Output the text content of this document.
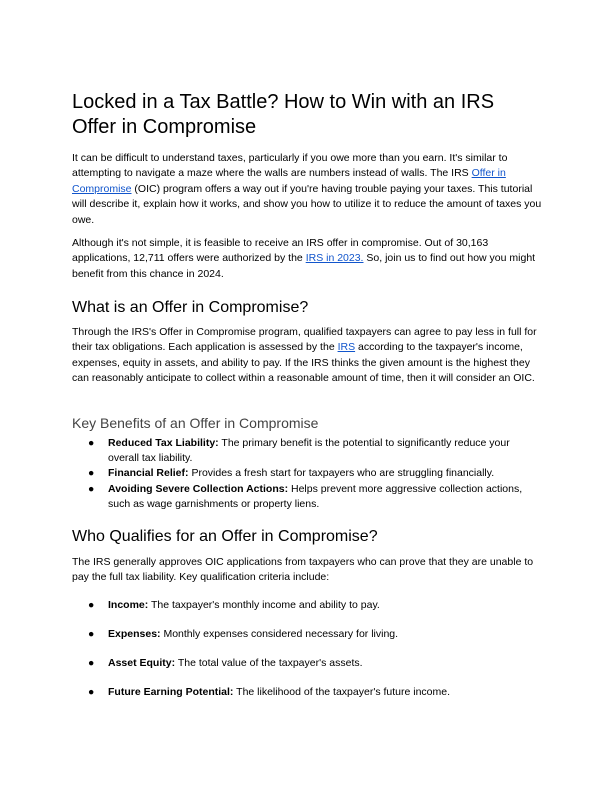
Locked in a Tax Battle? How to Win with an IRS Offer in Compromise

It can be difficult to understand taxes, particularly if you owe more than you earn. It's similar to attempting to navigate a maze where the walls are numbers instead of walls. The IRS Offer in Compromise (OIC) program offers a way out if you're having trouble paying your taxes. This tutorial will describe it, explain how it works, and show you how to utilize it to reduce the amount of taxes you owe.

Although it's not simple, it is feasible to receive an IRS offer in compromise. Out of 30,163 applications, 12,711 offers were authorized by the IRS in 2023. So, join us to find out how you might benefit from this chance in 2024.

What is an Offer in Compromise?

Through the IRS's Offer in Compromise program, qualified taxpayers can agree to pay less in full for their tax obligations. Each application is assessed by the IRS according to the taxpayer's income, expenses, equity in assets, and ability to pay. If the IRS thinks the given amount is the highest they can reasonably anticipate to collect within a reasonable amount of time, then it will consider an OIC.

Key Benefits of an Offer in Compromise
● Reduced Tax Liability: The primary benefit is the potential to significantly reduce your overall tax liability.
● Financial Relief: Provides a fresh start for taxpayers who are struggling financially.
● Avoiding Severe Collection Actions: Helps prevent more aggressive collection actions, such as wage garnishments or property liens.
Who Qualifies for an Offer in Compromise?

The IRS generally approves OIC applications from taxpayers who can prove that they are unable to pay the full tax liability. Key qualification criteria include:

● Income: The taxpayer's monthly income and ability to pay.
● Expenses: Monthly expenses considered necessary for living.
● Asset Equity: The total value of the taxpayer's assets.
● Future Earning Potential: The likelihood of the taxpayer's future income.
